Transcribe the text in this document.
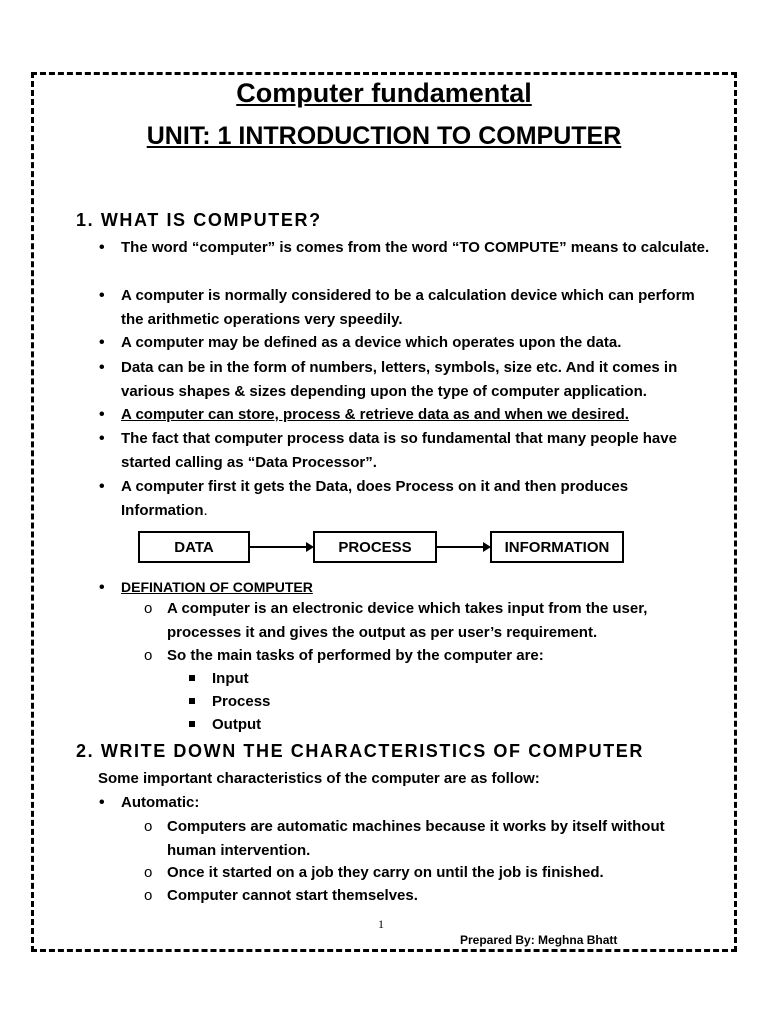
Computer fundamental
UNIT: 1 INTRODUCTION TO COMPUTER
1. WHAT IS COMPUTER?

• The word “computer” is comes from the word “TO COMPUTE” means to calculate.

• A computer is normally considered to be a calculation device which can perform the arithmetic operations very speedily.

• A computer may be defined as a device which operates upon the data.

• Data can be in the form of numbers, letters, symbols, size etc. And it comes in various shapes & sizes depending upon the type of computer application.

• A computer can store, process & retrieve data as and when we desired.

• The fact that computer process data is so fundamental that many people have started calling as “Data Processor”.

• A computer first it gets the Data, does Process on it and then produces Information.

DATA	PROCESS	INFORMATION

• DEFINATION OF COMPUTER

o A computer is an electronic device which takes input from the user, processes it and gives the output as per user’s requirement.

o So the main tasks of performed by the computer are:

Input

Process

Output

2. WRITE DOWN THE CHARACTERISTICS OF COMPUTER

Some important characteristics of the computer are as follow:

• Automatic:

o Computers are automatic machines because it works by itself without human intervention.

o Once it started on a job they carry on until the job is finished.

o Computer cannot start themselves.

1
Prepared By: Meghna Bhatt
